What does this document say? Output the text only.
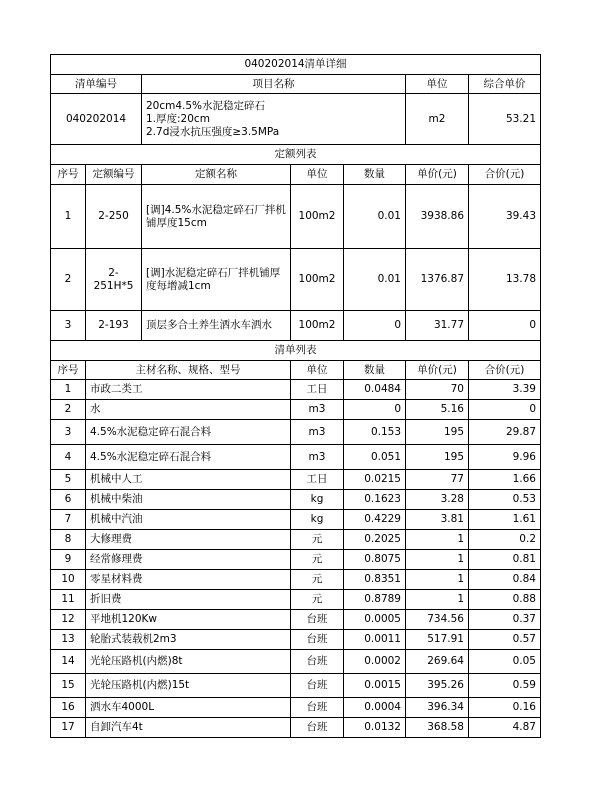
040202014清单详细						
清单编号		项目名称			单位	综合单价
040202014		20cm4.5%水泥稳定碎石
1.厚度:20cm
2.7d浸水抗压强度≥3.5MPa			m2	53.21
定额列表						
序号	定额编号	定额名称	单位	数量	单价(元)	合价(元)
1	2-250	[调]4.5%水泥稳定碎石厂拌机铺厚度15cm	100m2	0.01	3938.86	39.43
2	2-251H*5	[调]水泥稳定碎石厂拌机铺厚度每增减1cm	100m2	0.01	1376.87	13.78
3	2-193	顶层多合土养生洒水车洒水	100m2	0	31.77	0
清单列表						
序号	主材名称、规格、型号		单位	数量	单价(元)	合价(元)
1	市政二类工		工日	0.0484	70	3.39
2	水		m3	0	5.16	0
3	4.5%水泥稳定碎石混合料		m3	0.153	195	29.87
4	4.5%水泥稳定碎石混合料		m3	0.051	195	9.96
5	机械中人工		工日	0.0215	77	1.66
6	机械中柴油		kg	0.1623	3.28	0.53
7	机械中汽油		kg	0.4229	3.81	1.61
8	大修理费		元	0.2025	1	0.2
9	经常修理费		元	0.8075	1	0.81
10	零星材料费		元	0.8351	1	0.84
11	折旧费		元	0.8789	1	0.88
12	平地机120Kw		台班	0.0005	734.56	0.37
13	轮胎式装载机2m3		台班	0.0011	517.91	0.57
14	光轮压路机(内燃)8t		台班	0.0002	269.64	0.05
15	光轮压路机(内燃)15t		台班	0.0015	395.26	0.59
16	洒水车4000L		台班	0.0004	396.34	0.16
17	自卸汽车4t		台班	0.0132	368.58	4.87
